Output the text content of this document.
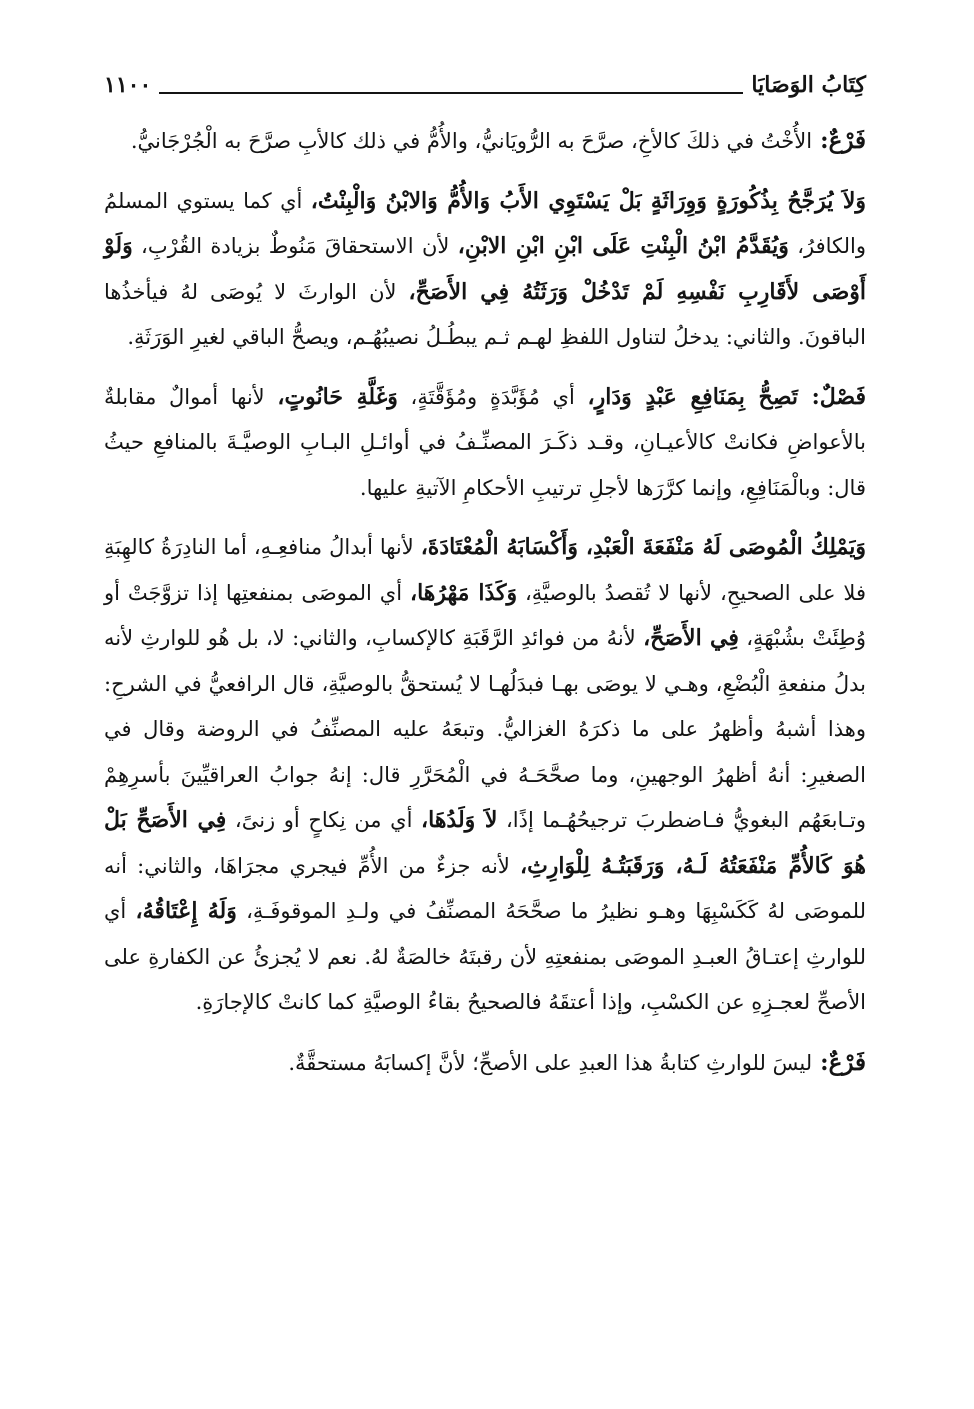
كِتَابُ الوَصَايَا
١١٠٠

فَرْعٌ: الأُخْتُ في ذلكَ كالأخِ، صرَّحَ به الرُّويَانيُّ، والأُمُّ في ذلك كالأبِ صرَّحَ به الْجُرْجَانيُّ.

وَلاَ يُرَجَّحُ بِذُكُورَةٍ وَوِرَاثَةٍ بَلْ يَسْتَوِي الأَبُ وَالأُمُّ وَالابْنُ وَالْبِنْتُ، أي كما يستوي المسلمُ والكافرُ، وَيُقَدَّمُ ابْنُ الْبِنْتِ عَلَى ابْنِ ابْنِ الابْنِ، لأن الاستحقاقَ مَنُوطٌ بزيادة القُرْبِ، وَلَوْ أَوْصَى لأَقَارِبِ نَفْسِهِ لَمْ تَدْخُلْ وَرَثَتُهُ فِي الأَصَحِّ، لأن الوارثَ لا يُوصَى لهُ فيأخذُها الباقونَ. والثاني: يدخلُ لتناول اللفظِ لهـم ثـم يبطُـلُ نصيبُهُـم، ويصحُّ الباقي لغيرِ الوَرَثَةِ.

فَصْلٌ: تَصِحُّ بِمَنَافِعِ عَبْدٍ وَدَارٍ، أي مُؤَبَّدَةٍ ومُؤَقَّتَةٍ، وَغَلَّةِ حَانُوتٍ، لأنها أموالٌ مقابلةٌ بالأعواضِ فكانتْ كالأعيـانِ، وقـد ذكَـرَ المصنِّـفُ في أوائـلِ البـابِ الوصيَّـةَ بالمنافعِ حيثُ قال: وبالْمَنَافِعِ، وإنما كرَّرَها لأجلِ ترتيبِ الأحكامِ الآتيةِ عليها.

وَيَمْلِكُ الْمُوصَى لَهُ مَنْفَعَةَ الْعَبْدِ، وَأَكْسَابَهُ الْمُعْتَادَةَ، لأنها أبدالُ منافعِـهِ، أما النادِرَةُ كالهِبَةِ فلا على الصحيحِ، لأنها لا تُقصدُ بالوصيَّةِ، وَكَذَا مَهْرُهَا، أي الموصَى بمنفعتِها إذا تزوَّجَتْ أو وُطِئَتْ بشُبْهَةٍ، فِي الأَصَحِّ، لأنهُ من فوائدِ الرَّقَبَةِ كالإكسابِ، والثاني: لا، بل هُو للوارثِ لأنه بدلُ منفعةِ الْبُضْعِ، وهـي لا يوصَى بهـا فبدَلُهـا لا يُستحقُّ بالوصيَّةِ، قال الرافعيُّ في الشرحِ: وهذا أشبهُ وأظهرُ على ما ذكرَهُ الغزاليُّ. وتبعَهُ عليه المصنِّفُ في الروضة وقال في الصغيرِ: أنهُ أظهرُ الوجهينِ، وما صحَّحَـهُ في الْمُحَرَّرِ قال: إنهُ جوابُ العراقيِّينَ بأسرِهِمْ وتـابعَهُم البغويُّ فـاضطربَ ترجيحُهُـما إذًا، لاَ وَلَدُهَا، أي من نِكاحٍ أو زنىً، فِي الأَصَحِّ بَلْ هُوَ كَالأُمِّ مَنْفَعَتُهُ لَـهُ، وَرَقَبَتُـهُ لِلْوَارِثِ، لأنه جزءٌ من الأُمِّ فيجري مجرَاهَا، والثاني: أنه للموصَى لهُ كَكَسْبِهَا وهـو نظيرُ ما صحَّحَهُ المصنِّفُ في ولـدِ الموقوفَـةِ، وَلَهُ إِعْتَاقُهُ، أي للوارثِ إعتـاقُ العبـدِ الموصَى بمنفعتِهِ لأن رقبتَهُ خالصَةٌ لهُ. نعم لا يُجزئُ عن الكفارةِ على الأصحِّ لعجـزِهِ عن الكسْبِ، وإذا أعتقَهُ فالصحيحُ بقاءُ الوصيَّةِ كما كانتْ كالإجارَةِ.

فَرْعٌ: ليسَ للوارثِ كتابةُ هذا العبدِ على الأصحِّ؛ لأنَّ إكسابَهُ مستحقَّةٌ.
